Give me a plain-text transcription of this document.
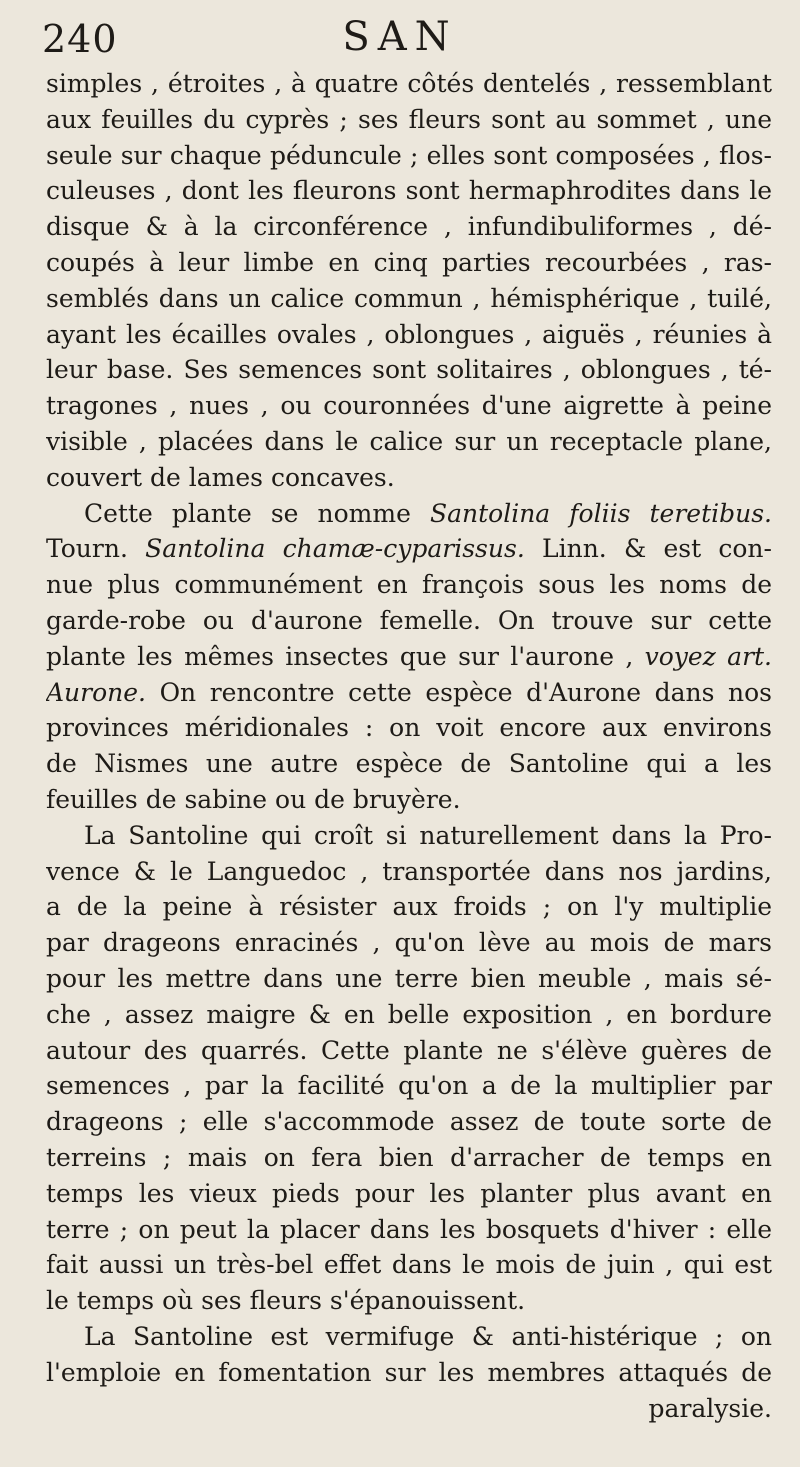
240	SAN
simples , étroites , à quatre côtés dentelés , ressemblant
aux feuilles du cyprès ; ses fleurs sont au sommet , une
seule sur chaque péduncule ; elles sont composées , flos-
culeuses , dont les fleurons sont hermaphrodites dans le
disque & à la circonférence , infundibuliformes , dé-
coupés à leur limbe en cinq parties recourbées , ras-
semblés dans un calice commun , hémisphérique , tuilé,
ayant les écailles ovales , oblongues , aiguës , réunies à
leur base. Ses semences sont solitaires , oblongues , té-
tragones , nues , ou couronnées d'une aigrette à peine
visible , placées dans le calice sur un receptacle plane,
couvert de lames concaves.
Cette plante se nomme Santolina foliis teretibus.
Tourn. Santolina chamæ-cyparissus. Linn. & est con-
nue plus communément en françois sous les noms de
garde-robe ou d'aurone femelle. On trouve sur cette
plante les mêmes insectes que sur l'aurone , voyez art.
Aurone. On rencontre cette espèce d'Aurone dans nos
provinces méridionales : on voit encore aux environs
de Nismes une autre espèce de Santoline qui a les
feuilles de sabine ou de bruyère.
La Santoline qui croît si naturellement dans la Pro-
vence & le Languedoc , transportée dans nos jardins,
a de la peine à résister aux froids ; on l'y multiplie
par drageons enracinés , qu'on lève au mois de mars
pour les mettre dans une terre bien meuble , mais sé-
che , assez maigre & en belle exposition , en bordure
autour des quarrés. Cette plante ne s'élève guères de
semences , par la facilité qu'on a de la multiplier par
drageons ; elle s'accommode assez de toute sorte de
terreins ; mais on fera bien d'arracher de temps en
temps les vieux pieds pour les planter plus avant en
terre ; on peut la placer dans les bosquets d'hiver : elle
fait aussi un très-bel effet dans le mois de juin , qui est
le temps où ses fleurs s'épanouissent.
La Santoline est vermifuge & anti-histérique ; on
l'emploie en fomentation sur les membres attaqués de
paralysie.
